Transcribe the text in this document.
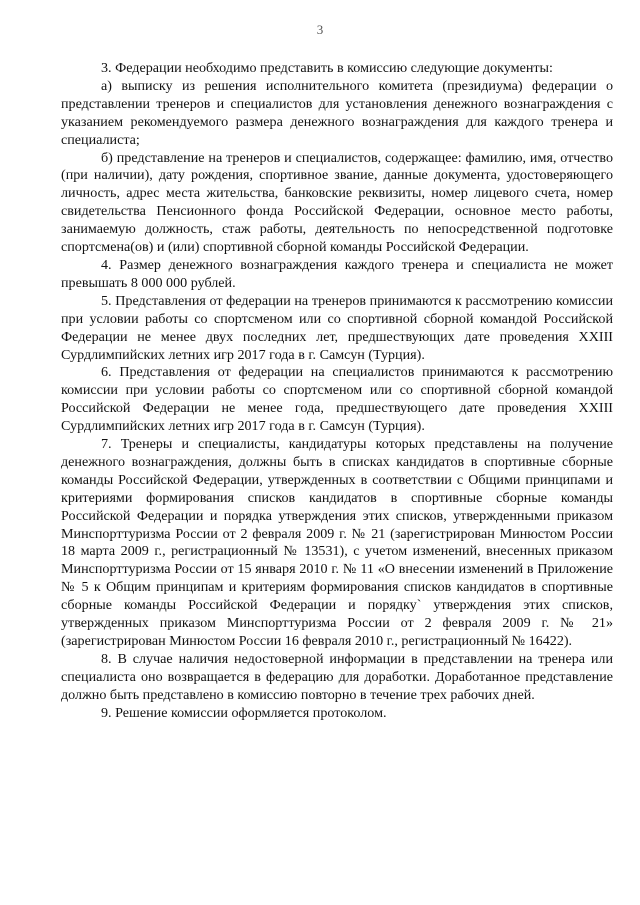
3

3. Федерации необходимо представить в комиссию следующие документы:

а) выписку из решения исполнительного комитета (президиума) федерации о представлении тренеров и специалистов для установления денежного вознаграждения с указанием рекомендуемого размера денежного вознаграждения для каждого тренера и специалиста;

б) представление на тренеров и специалистов, содержащее: фамилию, имя, отчество (при наличии), дату рождения, спортивное звание, данные документа, удостоверяющего личность, адрес места жительства, банковские реквизиты, номер лицевого счета, номер свидетельства Пенсионного фонда Российской Федерации, основное место работы, занимаемую должность, стаж работы, деятельность по непосредственной подготовке спортсмена(ов) и (или) спортивной сборной команды Российской Федерации.

4. Размер денежного вознаграждения каждого тренера и специалиста не может превышать 8 000 000 рублей.

5. Представления от федерации на тренеров принимаются к рассмотрению комиссии при условии работы со спортсменом или со спортивной сборной командой Российской Федерации не менее двух последних лет, предшествующих дате проведения XXIII Сурдлимпийских летних игр 2017 года в г. Самсун (Турция).

6. Представления от федерации на специалистов принимаются к рассмотрению комиссии при условии работы со спортсменом или со спортивной сборной командой Российской Федерации не менее года, предшествующего дате проведения XXIII Сурдлимпийских летних игр 2017 года в г. Самсун (Турция).

7. Тренеры и специалисты, кандидатуры которых представлены на получение денежного вознаграждения, должны быть в списках кандидатов в спортивные сборные команды Российской Федерации, утвержденных в соответствии с Общими принципами и критериями формирования списков кандидатов в спортивные сборные команды Российской Федерации и порядка утверждения этих списков, утвержденными приказом Минспорттуризма России от 2 февраля 2009 г. № 21 (зарегистрирован Минюстом России 18 марта 2009 г., регистрационный № 13531), с учетом изменений, внесенных приказом Минспорттуризма России от 15 января 2010 г. № 11 «О внесении изменений в Приложение № 5 к Общим принципам и критериям формирования списков кандидатов в спортивные сборные команды Российской Федерации и порядку` утверждения этих списков, утвержденных приказом Минспорттуризма России от 2 февраля 2009 г. № 21» (зарегистрирован Минюстом России 16 февраля 2010 г., регистрационный № 16422).

8. В случае наличия недостоверной информации в представлении на тренера или специалиста оно возвращается в федерацию для доработки. Доработанное представление должно быть представлено в комиссию повторно в течение трех рабочих дней.

9. Решение комиссии оформляется протоколом.
